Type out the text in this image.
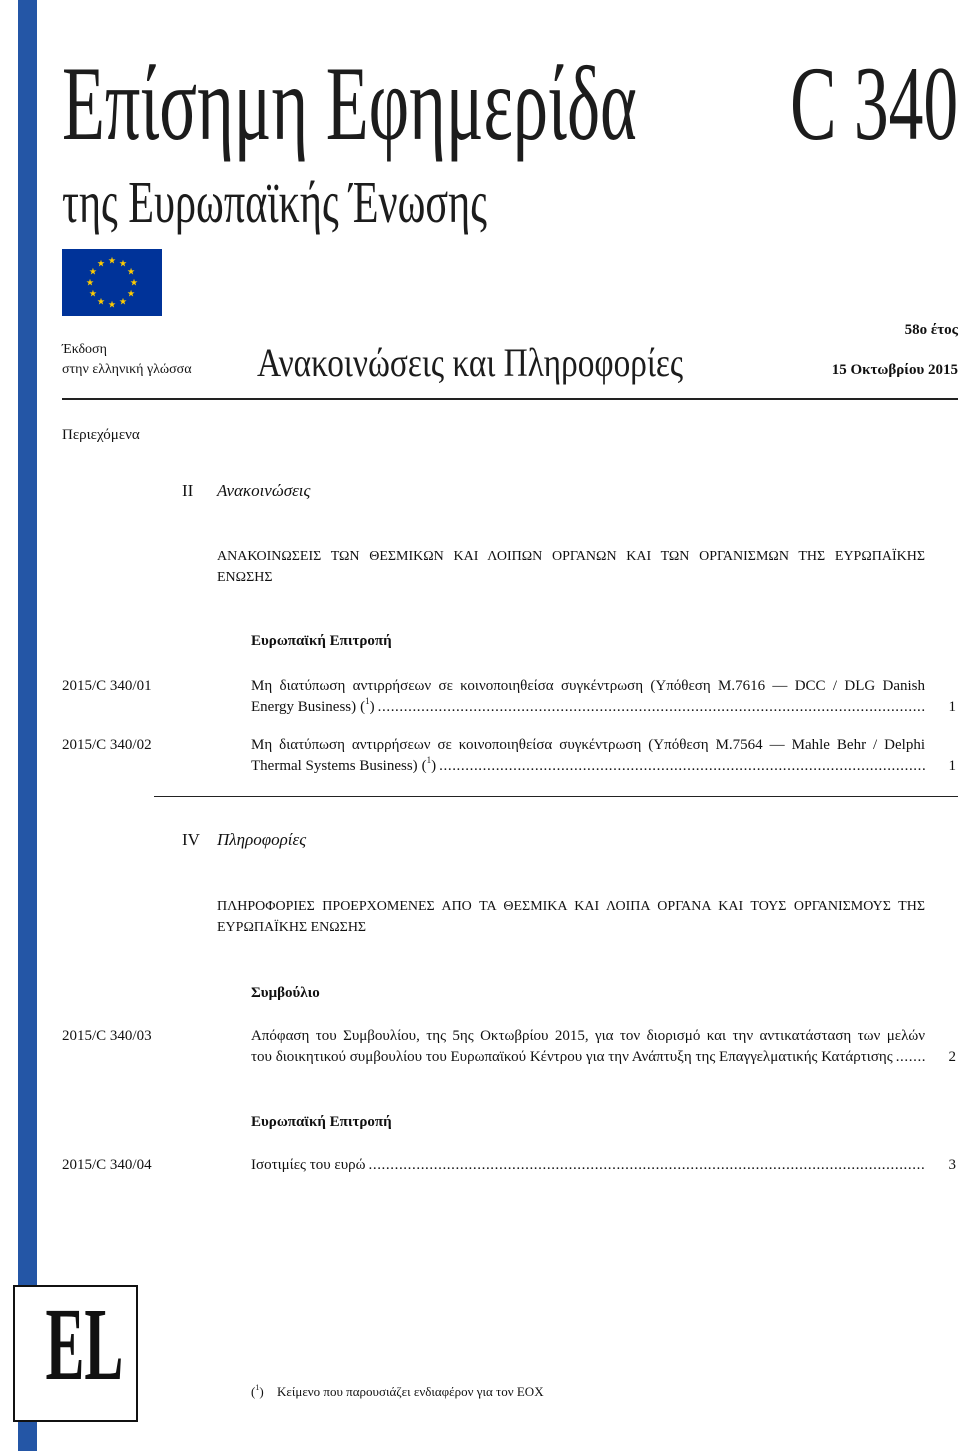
Επίσημη Εφημερίδα	C 340
της Ευρωπαϊκής Ένωσης
Έκδοση
στην ελληνική γλώσσα Ανακοινώσεις και Πληροφορίες
58ο έτος
15 Οκτωβρίου 2015
Περιεχόμενα
II Ανακοινώσεις
ΑΝΑΚΟΙΝΩΣΕΙΣ ΤΩΝ ΘΕΣΜΙΚΩΝ ΚΑΙ ΛΟΙΠΩΝ ΟΡΓΑΝΩΝ ΚΑΙ ΤΩΝ ΟΡΓΑΝΙΣΜΩΝ ΤΗΣ ΕΥΡΩΠΑΪΚΗΣ
ΕΝΩΣΗΣ
Ευρωπαϊκή Επιτροπή
2015/C 340/01	Μη διατύπωση αντιρρήσεων σε κοινοποιηθείσα συγκέντρωση (Υπόθεση M.7616 — DCC / DLG Danish
Energy Business) ( $^1$ ) .....	1
2015/C 340/02	Μη διατύπωση αντιρρήσεων σε κοινοποιηθείσα συγκέντρωση (Υπόθεση M.7564 — Mahle Behr / Delphi
Thermal Systems Business) ( $^1$ ) .....	1
IV Πληροφορίες
ΠΛΗΡΟΦΟΡΙΕΣ ΠΡΟΕΡΧΟΜΕΝΕΣ ΑΠΟ ΤΑ ΘΕΣΜΙΚΑ ΚΑΙ ΛΟΙΠΑ ΟΡΓΑΝΑ ΚΑΙ ΤΟΥΣ ΟΡΓΑΝΙΣΜΟΥΣ ΤΗΣ
ΕΥΡΩΠΑΪΚΗΣ ΕΝΩΣΗΣ
Συμβούλιο
2015/C 340/03	Απόφαση του Συμβουλίου, της 5ης Οκτωβρίου 2015, για τον διορισμό και την αντικατάσταση των μελών
του διοικητικού συμβουλίου του Ευρωπαϊκού Κέντρου για την Ανάπτυξη της Επαγγελματικής Κατάρτισης .....	2
Ευρωπαϊκή Επιτροπή
2015/C 340/04	Ισοτιμίες του ευρώ .....	3
EL	($^1$) Κείμενο που παρουσιάζει ενδιαφέρον για τον ΕΟΧ
